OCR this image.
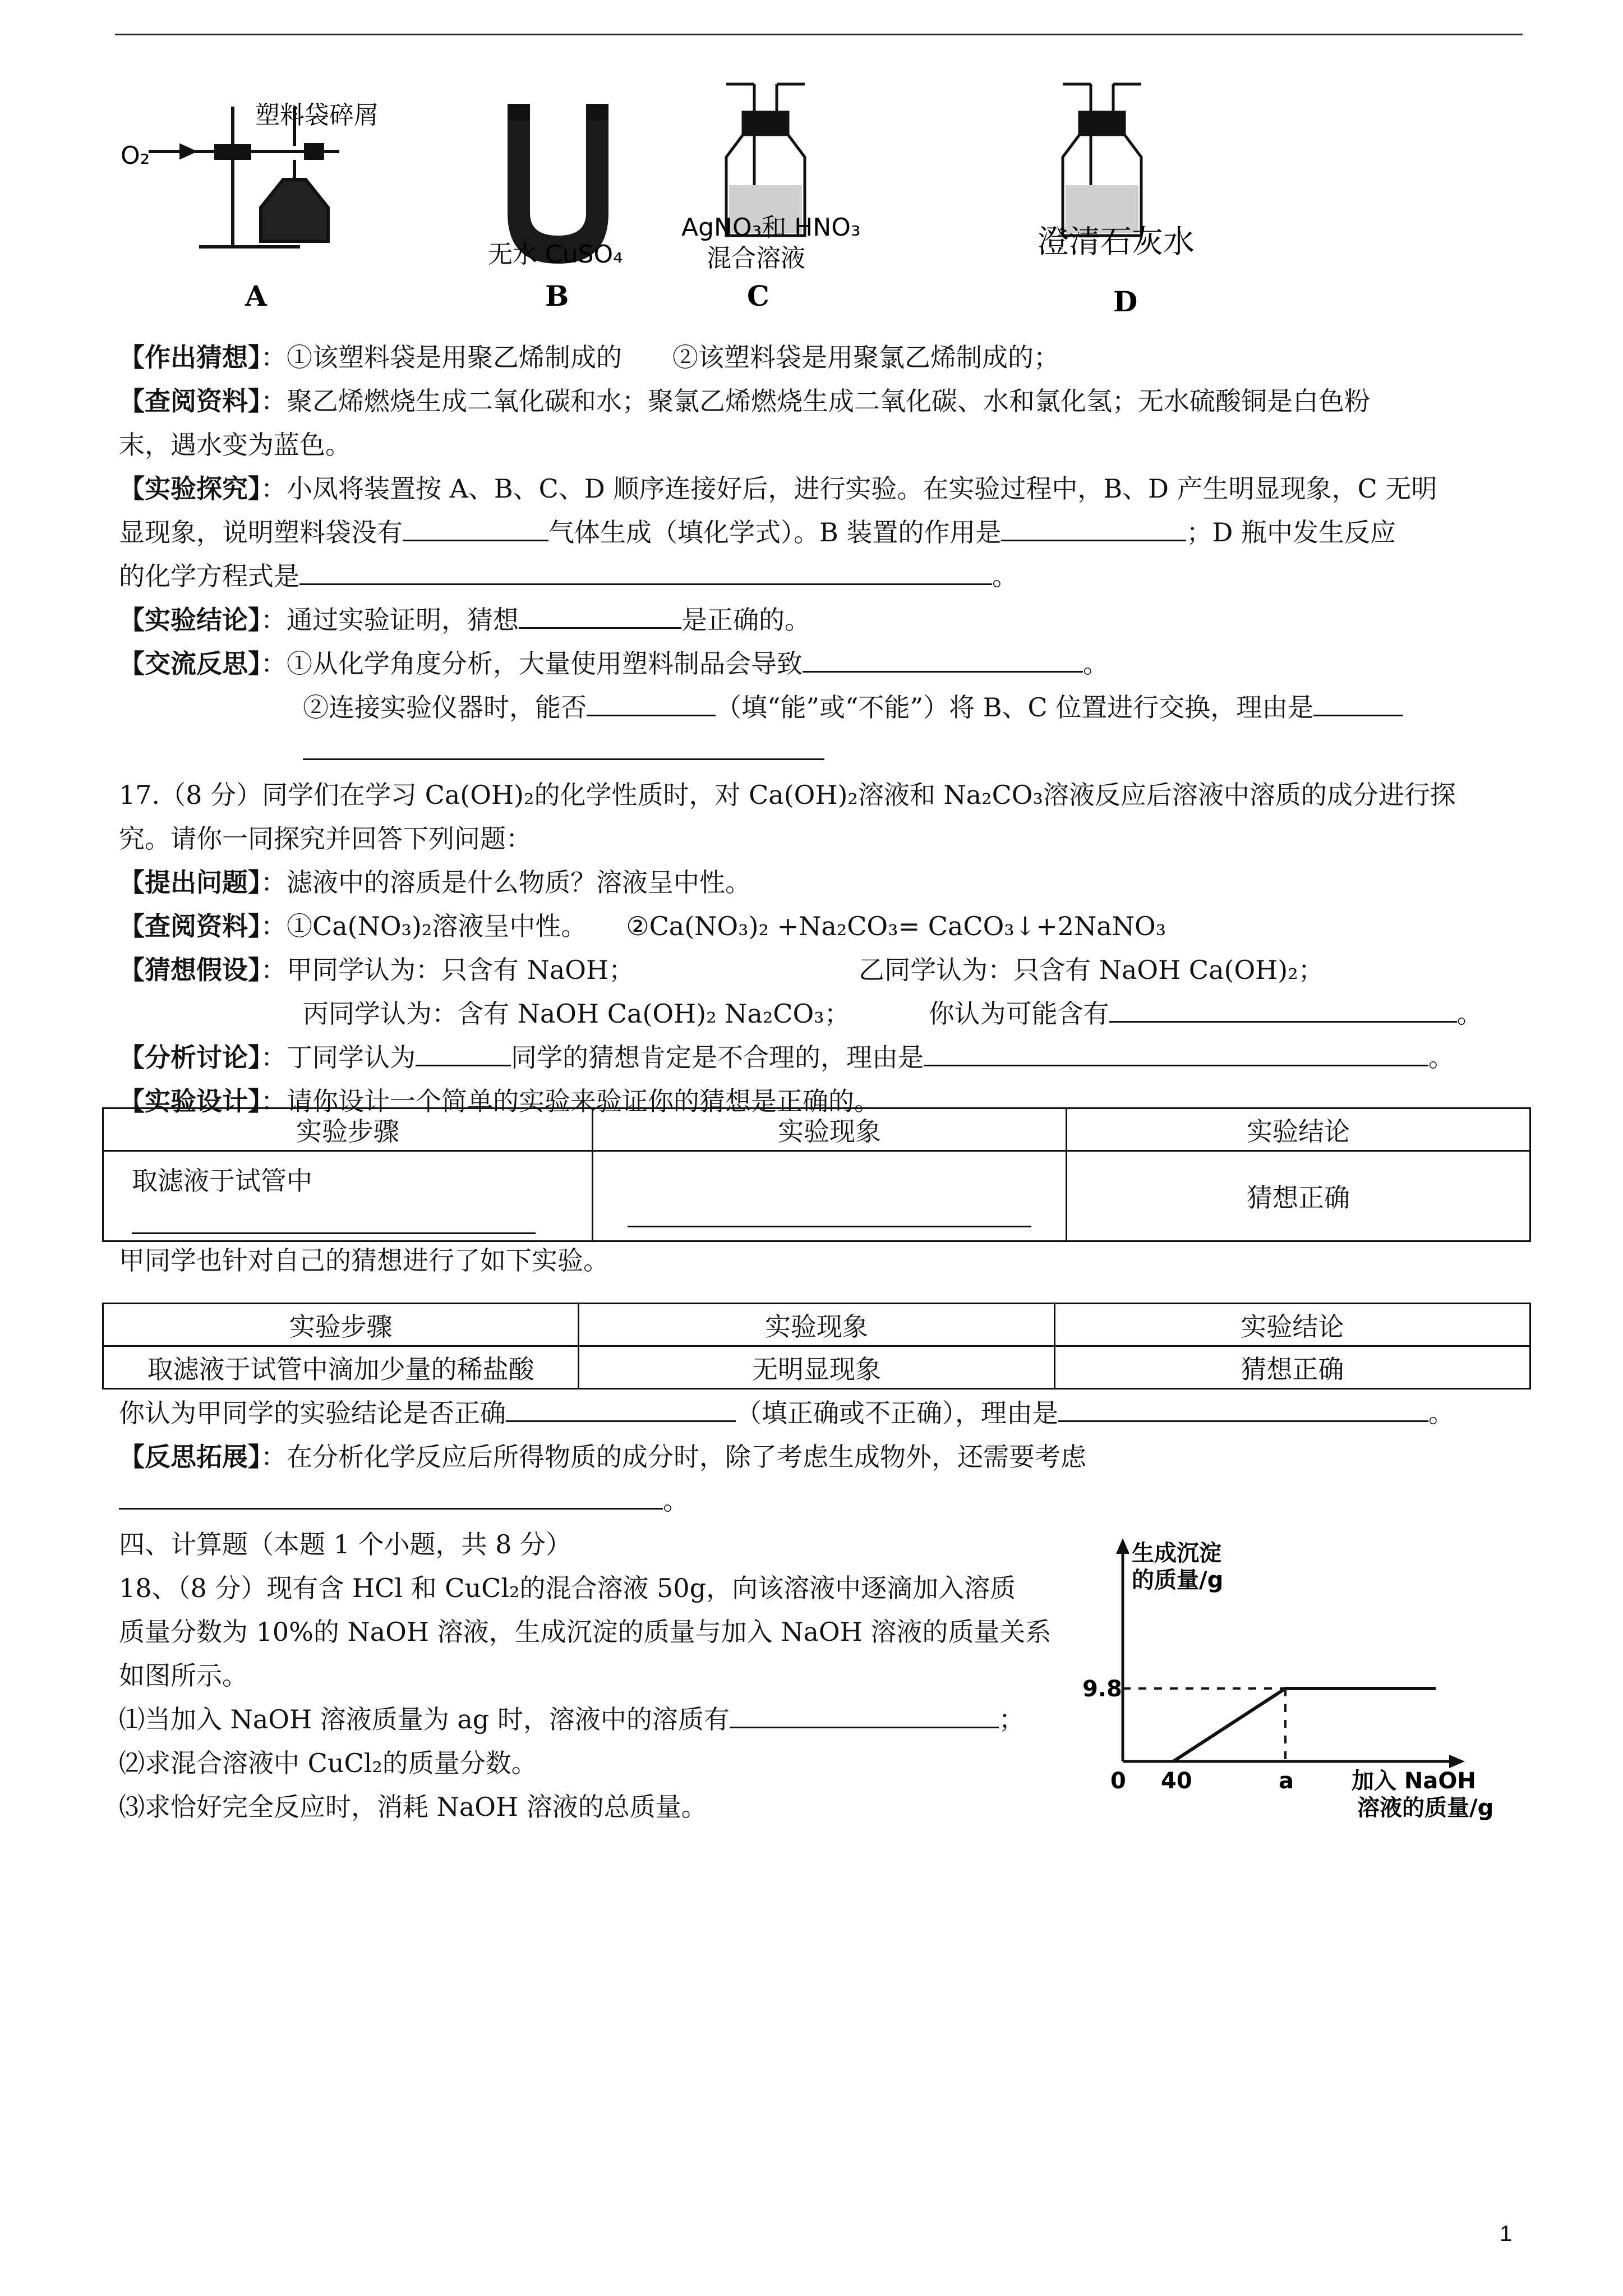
O₂
塑料袋碎屑
A
无水 CuSO₄
B
AgNO₃和 HNO₃
混合溶液
C
澄清石灰水
D
【作出猜想】：①该塑料袋是用聚乙烯制成的 ②该塑料袋是用聚氯乙烯制成的；
【查阅资料】：聚乙烯燃烧生成二氧化碳和水；聚氯乙烯燃烧生成二氧化碳、水和氯化氢；无水硫酸铜是白色粉
末，遇水变为蓝色。
【实验探究】：小凤将装置按 A、B、C、D 顺序连接好后，进行实验。在实验过程中，B、D 产生明显现象，C 无明
显现象，说明塑料袋没有	气体生成（填化学式）。B 装置的作用是	；D 瓶中发生反应
的化学方程式是	。
【实验结论】：通过实验证明，猜想	是正确的。
【交流反思】：①从化学角度分析，大量使用塑料制品会导致	。
②连接实验仪器时，能否	（填“能”或“不能”）将 B、C 位置进行交换，理由是
17.（8 分）同学们在学习 Ca(OH)₂的化学性质时，对 Ca(OH)₂溶液和 Na₂CO₃溶液反应后溶液中溶质的成分进行探
究。请你一同探究并回答下列问题：
【提出问题】：滤液中的溶质是什么物质？溶液呈中性。
【查阅资料】：①Ca(NO₃)₂溶液呈中性。 ②Ca(NO₃)₂ +Na₂CO₃= CaCO₃↓+2NaNO₃
【猜想假设】：甲同学认为：只含有 NaOH；	乙同学认为：只含有 NaOH Ca(OH)₂；
丙同学认为：含有 NaOH Ca(OH)₂ Na₂CO₃；	你认为可能含有	。
【分析讨论】：丁同学认为	同学的猜想肯定是不合理的，理由是	。
【实验设计】：请你设计一个简单的实验来验证你的猜想是正确的。
实验步骤	实验现象	实验结论

取滤液于试管中		猜想正确
甲同学也针对自己的猜想进行了如下实验。
实验步骤	实验现象	实验结论
取滤液于试管中滴加少量的稀盐酸	无明显现象	猜想正确
你认为甲同学的实验结论是否正确	（填正确或不正确），理由是	。
【反思拓展】：在分析化学反应后所得物质的成分时，除了考虑生成物外，还需要考虑
。
四、计算题（本题 1 个小题，共 8 分）
18、（8 分）现有含 HCl 和 CuCl₂的混合溶液 50g，向该溶液中逐滴加入溶质
质量分数为 10%的 NaOH 溶液，生成沉淀的质量与加入 NaOH 溶液的质量关系
如图所示。
⑴当加入 NaOH 溶液质量为 ag 时，溶液中的溶质有	；
⑵求混合溶液中 CuCl₂的质量分数。
⑶求恰好完全反应时，消耗 NaOH 溶液的总质量。
生成沉淀
的质量/g
9.8
0 40	a	加入 NaOH
溶液的质量/g
1
